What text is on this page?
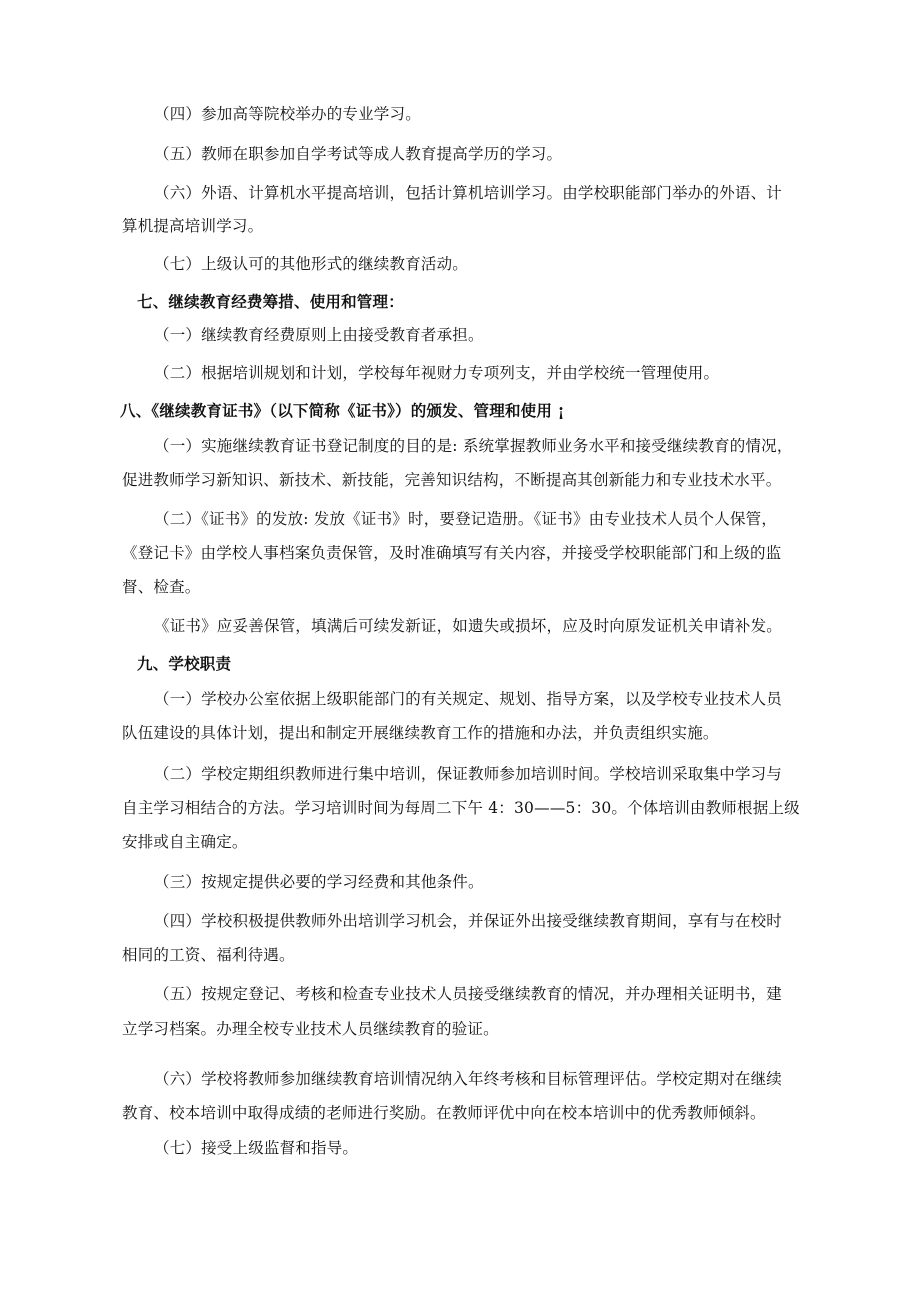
（四）参加高等院校举办的专业学习。
（五）教师在职参加自学考试等成人教育提高学历的学习。
（六）外语、计算机水平提高培训，包括计算机培训学习。由学校职能部门举办的外语、计
算机提高培训学习。
（七）上级认可的其他形式的继续教育活动。
七、继续教育经费筹措、使用和管理：
（一）继续教育经费原则上由接受教育者承担。
（二）根据培训规划和计划，学校每年视财力专项列支，并由学校统一管理使用。
八、《继续教育证书》（以下简称《证书》）的颁发、管理和使用 ¡
（一）实施继续教育证书登记制度的目的是: 系统掌握教师业务水平和接受继续教育的情况，
促进教师学习新知识、新技术、新技能，完善知识结构，不断提高其创新能力和专业技术水平。
（二）《证书》的发放: 发放《证书》时，要登记造册。《证书》由专业技术人员个人保管，
《登记卡》由学校人事档案负责保管，及时准确填写有关内容，并接受学校职能部门和上级的监
督、检查。
《证书》应妥善保管，填满后可续发新证，如遗失或损坏，应及时向原发证机关申请补发。
九、学校职责
（一）学校办公室依据上级职能部门的有关规定、规划、指导方案，以及学校专业技术人员
队伍建设的具体计划，提出和制定开展继续教育工作的措施和办法，并负责组织实施。
（二）学校定期组织教师进行集中培训，保证教师参加培训时间。学校培训采取集中学习与
自主学习相结合的方法。学习培训时间为每周二下午 4：30——5：30。个体培训由教师根据上级
安排或自主确定。
（三）按规定提供必要的学习经费和其他条件。
（四）学校积极提供教师外出培训学习机会，并保证外出接受继续教育期间，享有与在校时
相同的工资、福利待遇。
（五）按规定登记、考核和检查专业技术人员接受继续教育的情况，并办理相关证明书，建
立学习档案。办理全校专业技术人员继续教育的验证。
（六）学校将教师参加继续教育培训情况纳入年终考核和目标管理评估。学校定期对在继续
教育、校本培训中取得成绩的老师进行奖励。在教师评优中向在校本培训中的优秀教师倾斜。
（七）接受上级监督和指导。
